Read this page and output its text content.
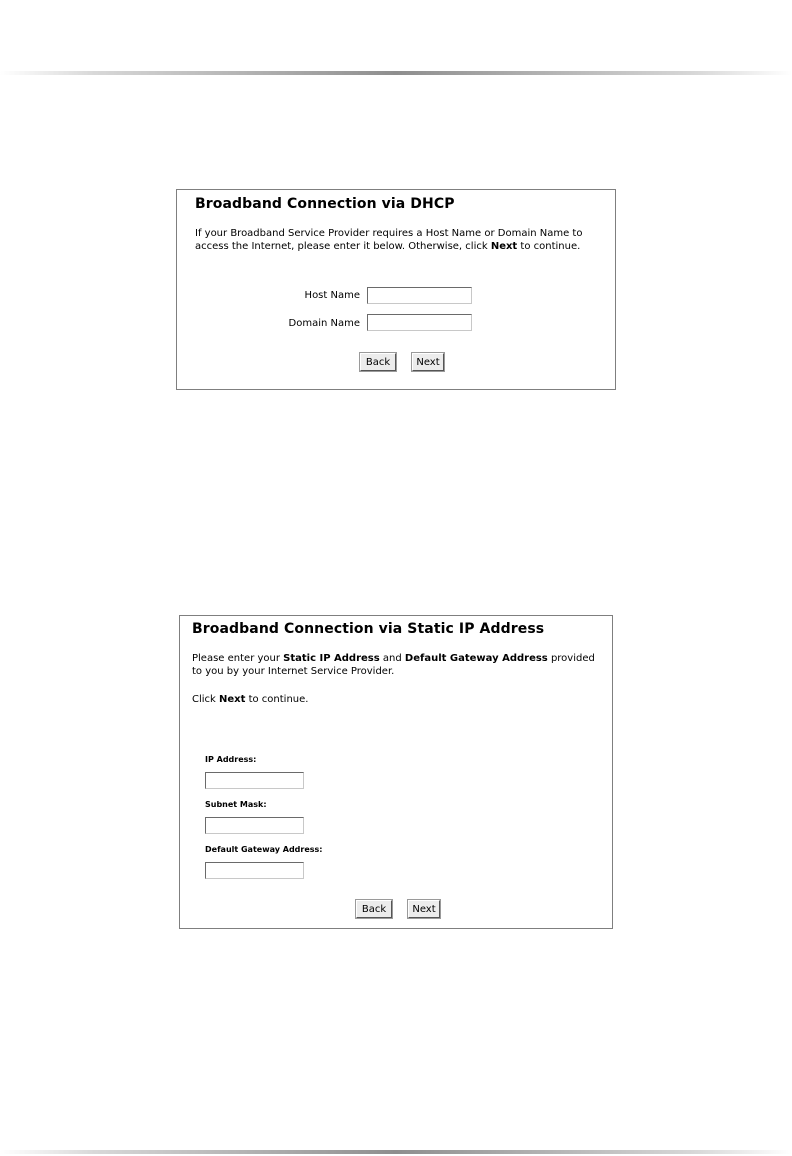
Broadband Connection via DHCP
If your Broadband Service Provider requires a Host Name or Domain Name to access the Internet, please enter it below. Otherwise, click Next to continue.
Host Name
Domain Name
Back	Next
Broadband Connection via Static IP Address
Please enter your Static IP Address and Default Gateway Address provided to you by your Internet Service Provider.
Click Next to continue.
IP Address:
Subnet Mask:
Default Gateway Address:
Back	Next
